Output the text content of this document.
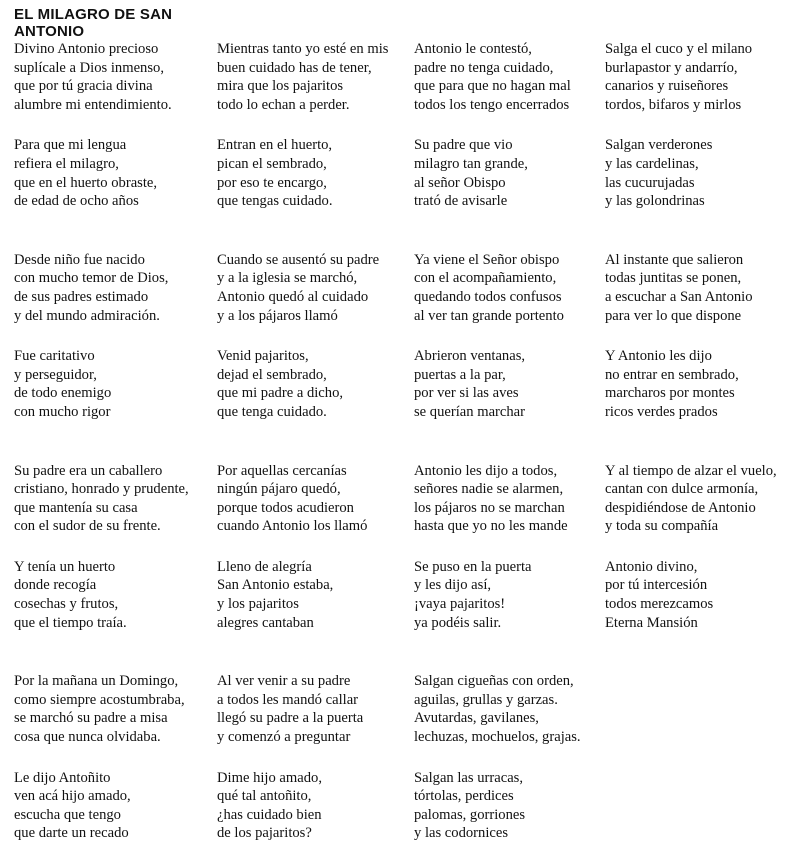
EL MILAGRO DE SAN
ANTONIO
Divino Antonio precioso
suplícale a Dios inmenso,
que por tú gracia divina
alumbre mi entendimiento.
Para que mi lengua
refiera el milagro,
que en el huerto obraste,
de edad de ocho años
Desde niño fue nacido
con mucho temor de Dios,
de sus padres estimado
y del mundo admiración.
Fue caritativo
y perseguidor,
de todo enemigo
con mucho rigor
Su padre era un caballero
cristiano, honrado y prudente,
que mantenía su casa
con el sudor de su frente.
Y tenía un huerto
donde recogía
cosechas y frutos,
que el tiempo traía.
Por la mañana un Domingo,
como siempre acostumbraba,
se marchó su padre a misa
cosa que nunca olvidaba.
Le dijo Antoñito
ven acá hijo amado,
escucha que tengo
que darte un recado
Mientras tanto yo esté en mis
buen cuidado has de tener,
mira que los pajaritos
todo lo echan a perder.
Entran en el huerto,
pican el sembrado,
por eso te encargo,
que tengas cuidado.
Cuando se ausentó su padre
y a la iglesia se marchó,
Antonio quedó al cuidado
y a los pájaros llamó
Venid pajaritos,
dejad el sembrado,
que mi padre a dicho,
que tenga cuidado.
Por aquellas cercanías
ningún pájaro quedó,
porque todos acudieron
cuando Antonio los llamó
Lleno de alegría
San Antonio estaba,
y los pajaritos
alegres cantaban
Al ver venir a su padre
a todos les mandó callar
llegó su padre a la puerta
y comenzó a preguntar
Dime hijo amado,
qué tal antoñito,
¿has cuidado bien
de los pajaritos?
Antonio le contestó,
padre no tenga cuidado,
que para que no hagan mal
todos los tengo encerrados
Su padre que vio
milagro tan grande,
al señor Obispo
trató de avisarle
Ya viene el Señor obispo
con el acompañamiento,
quedando todos confusos
al ver tan grande portento
Abrieron ventanas,
puertas a la par,
por ver si las aves
se querían marchar
Antonio les dijo a todos,
señores nadie se alarmen,
los pájaros no se marchan
hasta que yo no les mande
Se puso en la puerta
y les dijo así,
¡vaya pajaritos!
ya podéis salir.
Salgan cigueñas con orden,
aguilas, grullas y garzas.
Avutardas, gavilanes,
lechuzas, mochuelos, grajas.
Salgan las urracas,
tórtolas, perdices
palomas, gorriones
y las codornices
Salga el cuco y el milano
burlapastor y andarrío,
canarios y ruiseñores
tordos, bifaros y mirlos
Salgan verderones
y las cardelinas,
las cucurujadas
y las golondrinas
Al instante que salieron
todas juntitas se ponen,
a escuchar a San Antonio
para ver lo que dispone
Y Antonio les dijo
no entrar en sembrado,
marcharos por montes
ricos verdes prados
Y al tiempo de alzar el vuelo,
cantan con dulce armonía,
despidiéndose de Antonio
y toda su compañía
Antonio divino,
por tú intercesión
todos merezcamos
Eterna Mansión
